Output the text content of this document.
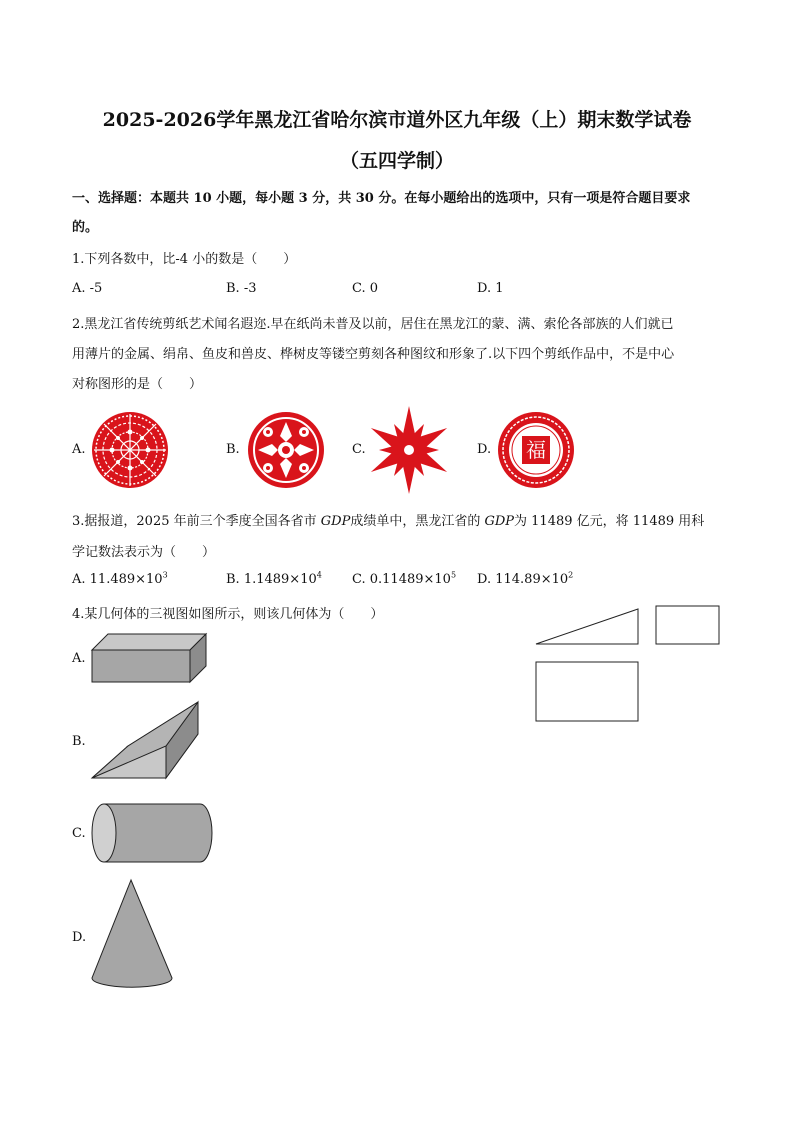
2025-2026学年黑龙江省哈尔滨市道外区九年级（上）期末数学试卷
（五四学制）
一、选择题：本题共 10 小题，每小题 3 分，共 30 分。在每小题给出的选项中，只有一项是符合题目要求
的。
1.下列各数中，比-4 小的数是（　　）
A. -5	B. -3	C. 0	D. 1
2.黑龙江省传统剪纸艺术闻名遐迩.早在纸尚未普及以前，居住在黑龙江的蒙、满、索伦各部族的人们就已
用薄片的金属、绢帛、鱼皮和兽皮、桦树皮等镂空剪刻各种图纹和形象了.以下四个剪纸作品中，不是中心
对称图形的是（　　）
A.	B.	C.	D. 福
3.据报道，2025 年前三个季度全国各省市 GDP成绩单中，黑龙江省的 GDP为 11489 亿元，将 11489 用科
学记数法表示为（　　）
A. $11.489\times 10^3$	B. $1.1489\times 10^4$ C. $0.11489\times 10^5$ D. $114.89\times 10^2$
4.某几何体的三视图如图所示，则该几何体为（　　）
A.
B.
C.
D.
